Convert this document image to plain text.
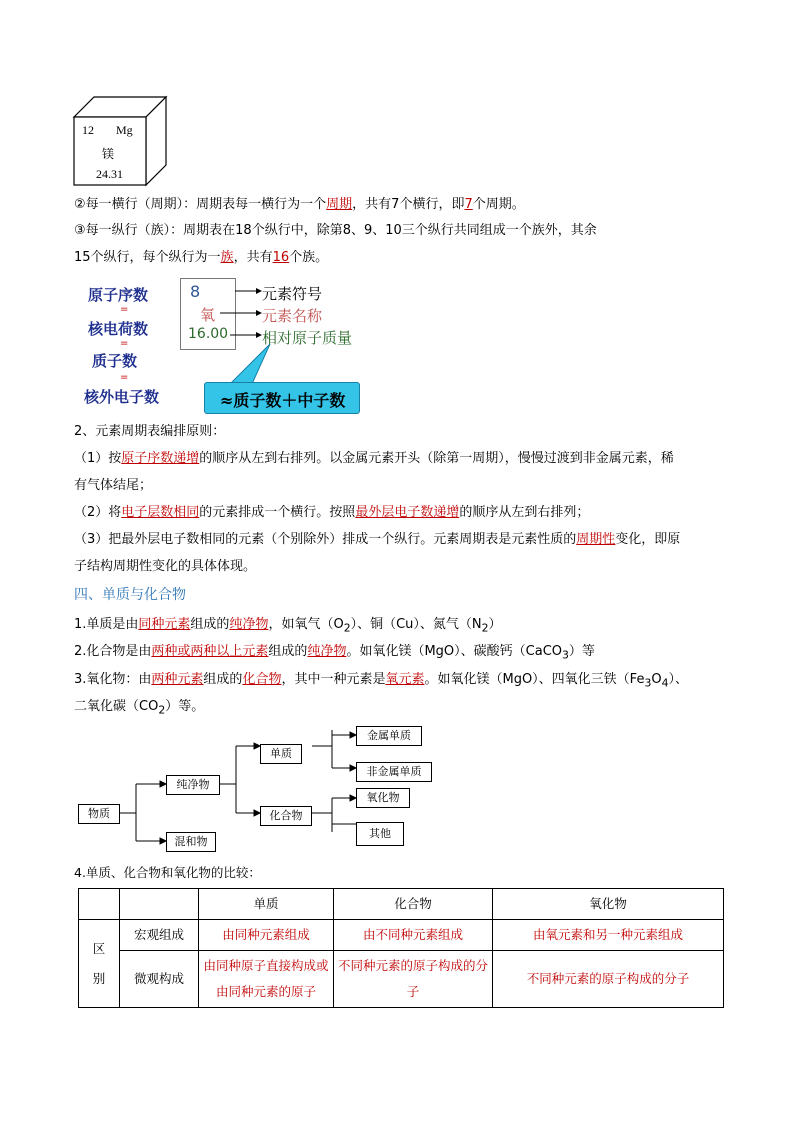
12 Mg
镁
24.31
②每一横行（周期）：周期表每一横行为一个周期，共有7个横行，即7个周期。
③每一纵行（族）：周期表在18个纵行中，除第8、9、10三个纵行共同组成一个族外，其余
15个纵行，每个纵行为一族，共有16个族。
原子序数
=
核电荷数
=
质子数
=
核外电子数
8
氧
16.00
元素符号
元素名称
相对原子质量
≈质子数＋中子数
2、元素周期表编排原则：
（1）按原子序数递增的顺序从左到右排列。以金属元素开头（除第一周期），慢慢过渡到非金属元素，稀
有气体结尾；
（2）将电子层数相同的元素排成一个横行。按照最外层电子数递增的顺序从左到右排列；
（3）把最外层电子数相同的元素（个别除外）排成一个纵行。元素周期表是元素性质的周期性变化，即原
子结构周期性变化的具体体现。
四、单质与化合物
1.单质是由同种元素组成的纯净物，如氧气$(O_2)$、铜（Cu）、氮气$(N_2)$
2.化合物是由两种或两种以上元素组成的纯净物。如氧化镁（MgO）、碳酸钙（CaCO$_3$）等
3.氧化物：由两种元素组成的化合物，其中一种元素是氧元素。如氧化镁（MgO）、四氧化三铁$(Fe_3O_4)$、
二氧化碳$(CO_2)$等。
物质
纯净物
混和物
单质
化合物
金属单质
非金属单质
氧化物
其他
4.单质、化合物和氧化物的比较：
		单质	化合物	氧化物
区别	宏观组成	由同种元素组成	由不同种元素组成	由氧元素和另一种元素组成
	微观构成	由同种原子直接构成或由同种元素的原子	不同种元素的原子构成的分子	不同种元素的原子构成的分子
